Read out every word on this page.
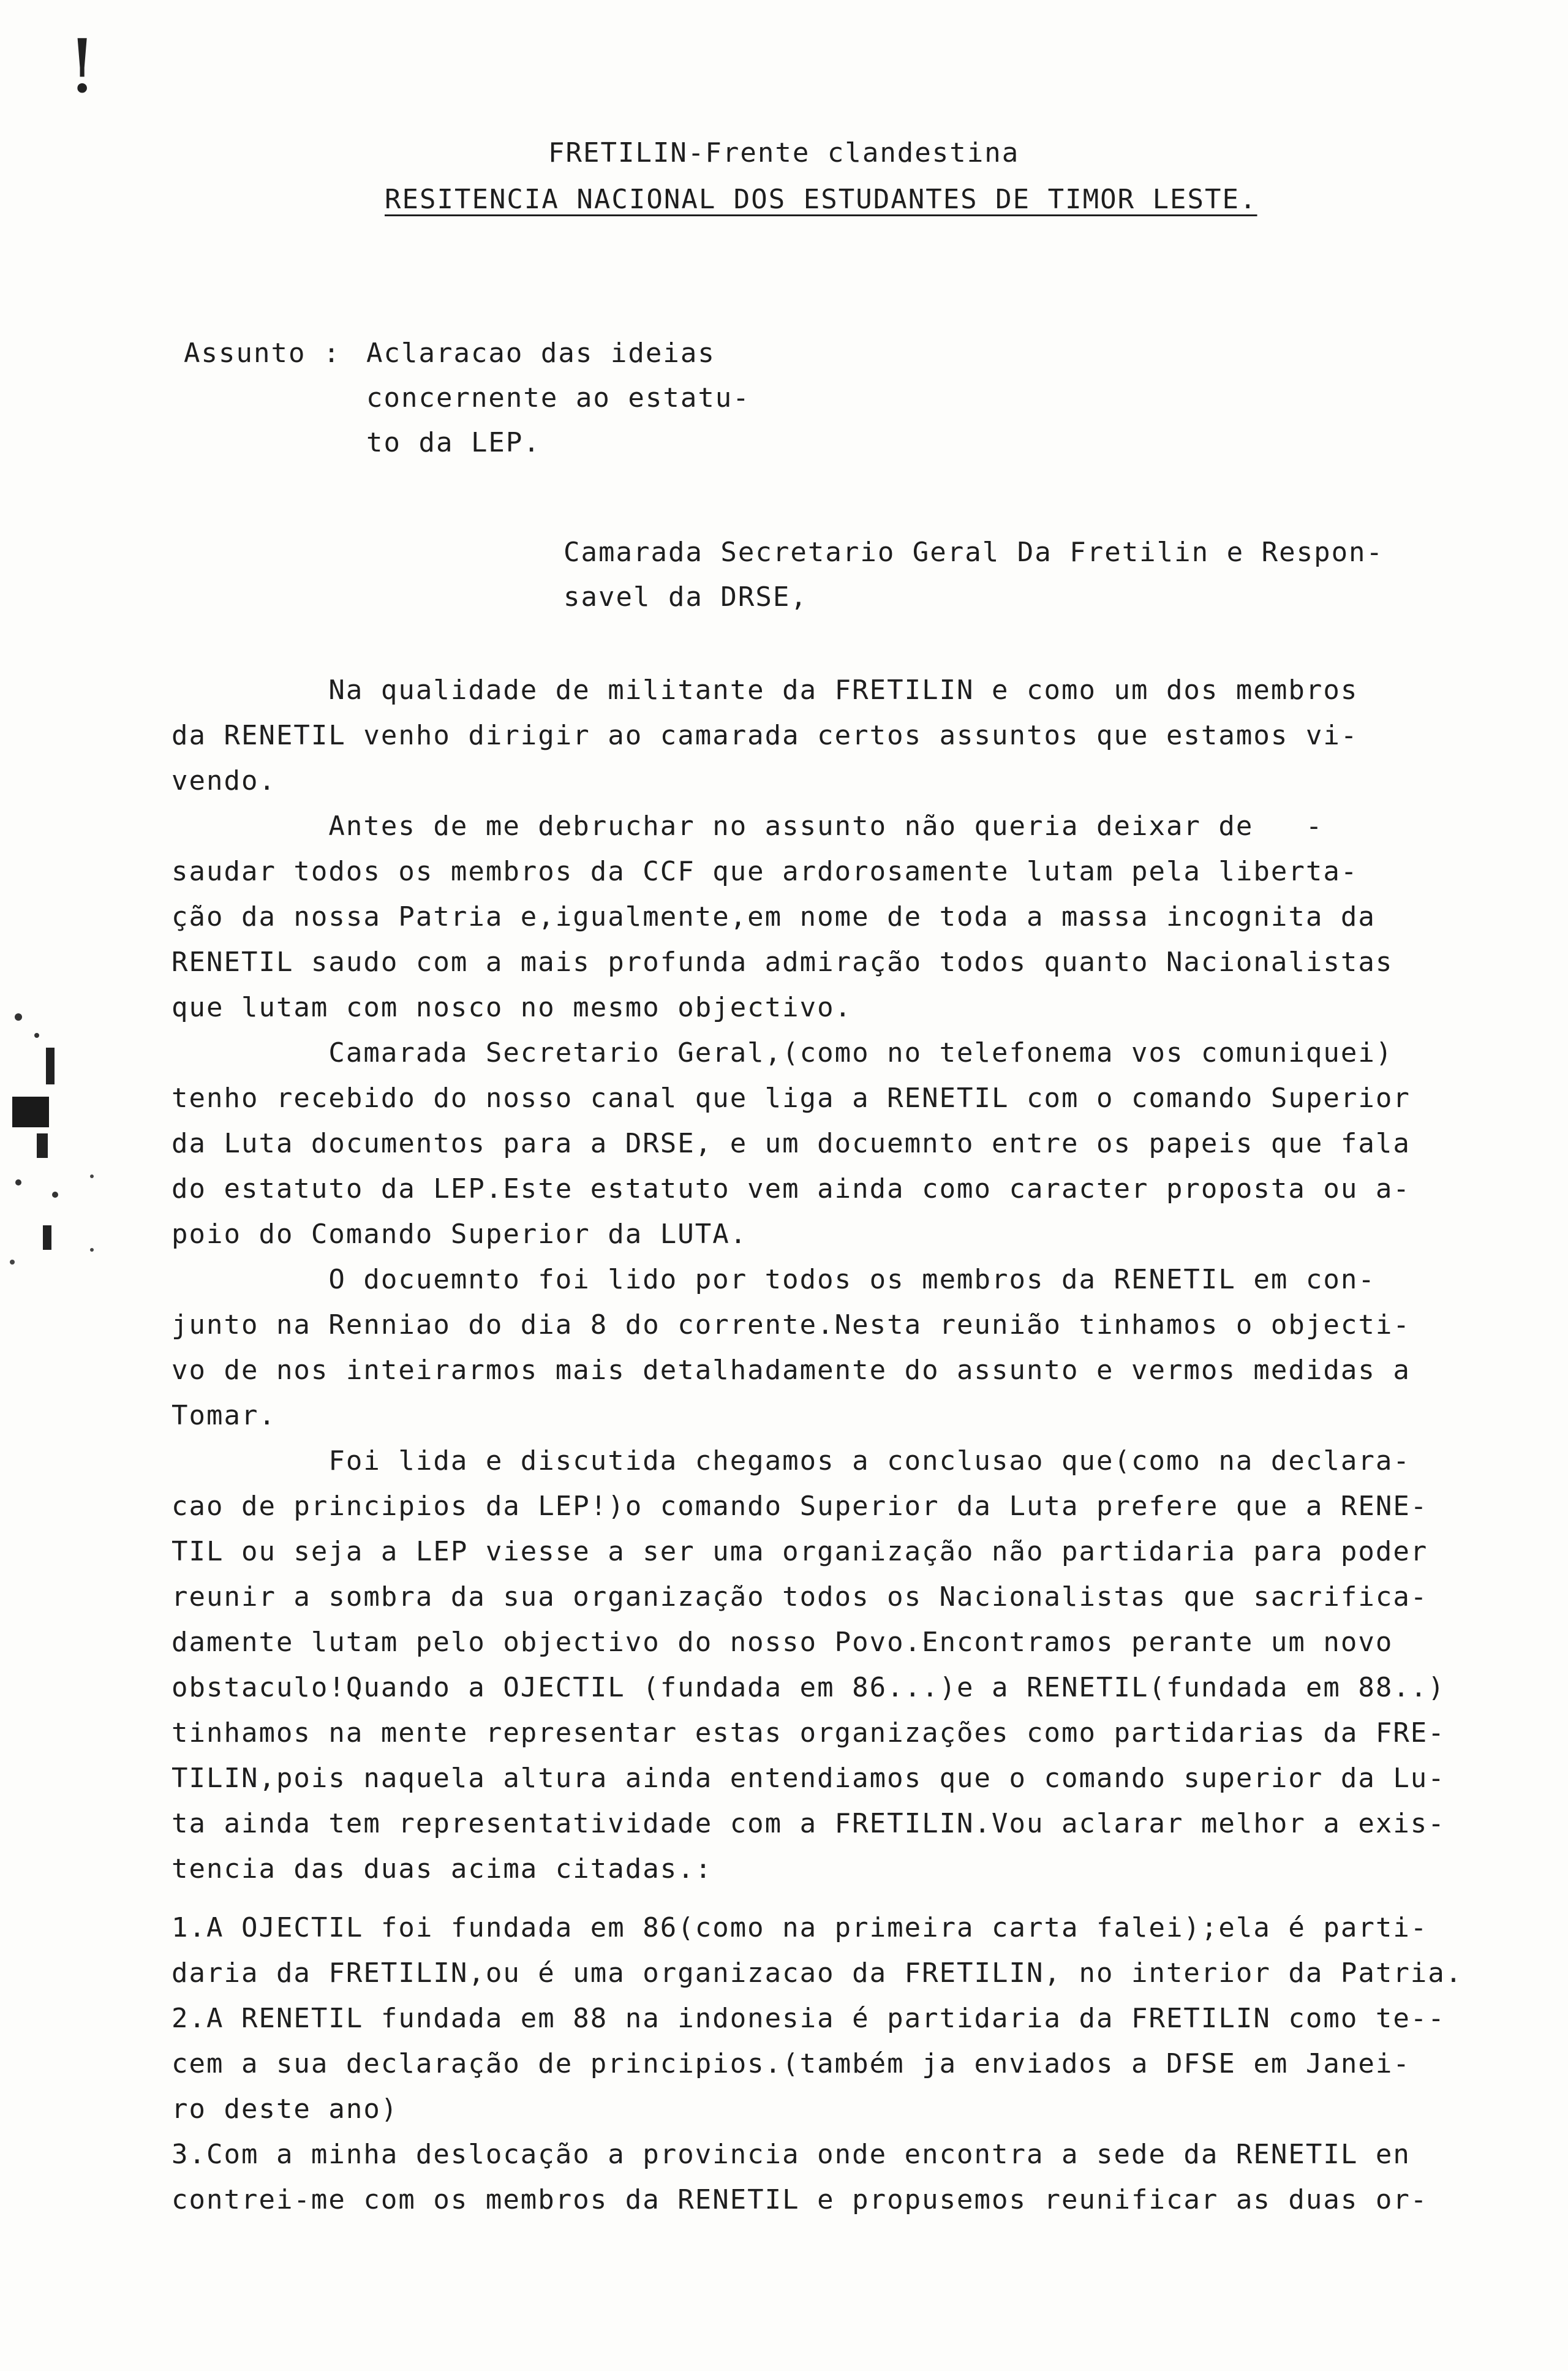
!
FRETILIN-Frente clandestina
RESITENCIA NACIONAL DOS ESTUDANTES DE TIMOR LESTE.
Assunto : Aclaracao das ideias
concernente ao estatu-
to da LEP.
Camarada Secretario Geral Da Fretilin e Respon-
savel da DRSE,
Na qualidade de militante da FRETILIN e como um dos membros
da RENETIL venho dirigir ao camarada certos assuntos que estamos vi-
vendo.
Antes de me debruchar no assunto não queria deixar de   -
saudar todos os membros da CCF que ardorosamente lutam pela liberta-
ção da nossa Patria e,igualmente,em nome de toda a massa incognita da
RENETIL saudo com a mais profunda admiração todos quanto Nacionalistas
que lutam com nosco no mesmo objectivo.
Camarada Secretario Geral,(como no telefonema vos comuniquei)
tenho recebido do nosso canal que liga a RENETIL com o comando Superior
da Luta documentos para a DRSE, e um docuemnto entre os papeis que fala
do estatuto da LEP.Este estatuto vem ainda como caracter proposta ou a-
poio do Comando Superior da LUTA.
O docuemnto foi lido por todos os membros da RENETIL em con-
junto na Renniao do dia 8 do corrente.Nesta reunião tinhamos o objecti-
vo de nos inteirarmos mais detalhadamente do assunto e vermos medidas a
Tomar.
Foi lida e discutida chegamos a conclusao que(como na declara-
cao de principios da LEP!)o comando Superior da Luta prefere que a RENE-
TIL ou seja a LEP viesse a ser uma organização não partidaria para poder
reunir a sombra da sua organização todos os Nacionalistas que sacrifica-
damente lutam pelo objectivo do nosso Povo.Encontramos perante um novo
obstaculo!Quando a OJECTIL (fundada em 86...)e a RENETIL(fundada em 88..)
tinhamos na mente representar estas organizações como partidarias da FRE-
TILIN,pois naquela altura ainda entendiamos que o comando superior da Lu-
ta ainda tem representatividade com a FRETILIN.Vou aclarar melhor a exis-
tencia das duas acima citadas.:
1.A OJECTIL foi fundada em 86(como na primeira carta falei);ela é parti-
daria da FRETILIN,ou é uma organizacao da FRETILIN, no interior da Patria.
2.A RENETIL fundada em 88 na indonesia é partidaria da FRETILIN como te--
cem a sua declaração de principios.(também ja enviados a DFSE em Janei-
ro deste ano)
3.Com a minha deslocação a provincia onde encontra a sede da RENETIL en
contrei-me com os membros da RENETIL e propusemos reunificar as duas or-
